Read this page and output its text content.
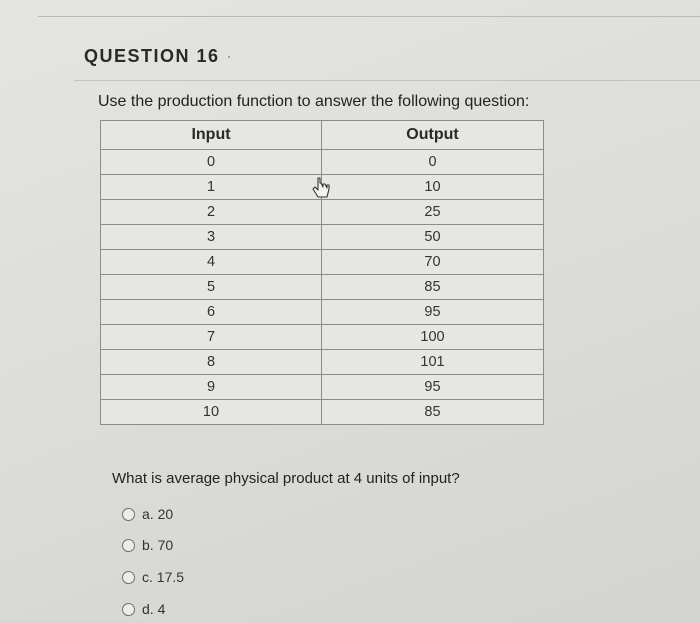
QUESTION 16 ·
Use the production function to answer the following question:
Input	Output
0	0
1	10
2	25
3	50
4	70
5	85
6	95
7	100
8	101
9	95
10	85
What is average physical product at 4 units of input?
a. 20
b. 70
c. 17.5
d. 4
